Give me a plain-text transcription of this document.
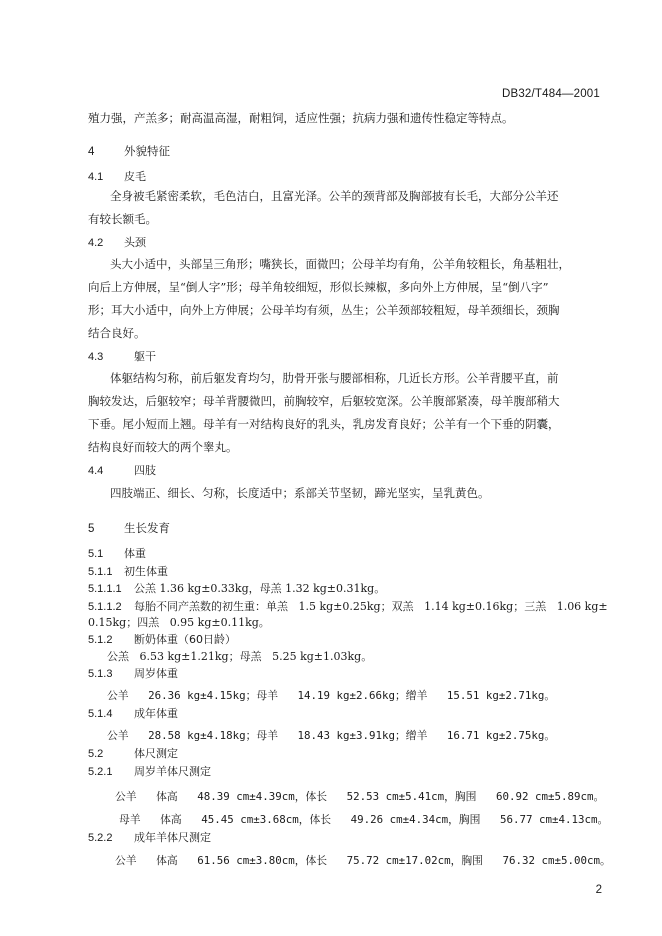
DB32/T484—2001
殖力强，产羔多；耐高温高湿，耐粗饲，适应性强；抗病力强和遗传性稳定等特点。
4	外貌特征
4.1 皮毛
全身被毛紧密柔软，毛色洁白，且富光泽。公羊的颈背部及胸部披有长毛，大部分公羊还
有较长额毛。
4.2 头颈
头大小适中，头部呈三角形；嘴狭长，面微凹；公母羊均有角，公羊角较粗长，角基粗壮，
向后上方伸展，呈“倒人字”形；母羊角较细短，形似长辣椒，多向外上方伸展，呈“倒八字”
形；耳大小适中，向外上方伸展；公母羊均有须，丛生；公羊颈部较粗短，母羊颈细长，颈胸
结合良好。
4.3	躯干
体躯结构匀称，前后躯发育均匀，肋骨开张与腰部相称，几近长方形。公羊背腰平直，前
胸较发达，后躯较窄；母羊背腰微凹，前胸较窄，后躯较宽深。公羊腹部紧凑，母羊腹部稍大
下垂。尾小短而上翘。母羊有一对结构良好的乳头，乳房发育良好；公羊有一个下垂的阴囊，
结构良好而较大的两个睾丸。
4.4	四肢
四肢端正、细长、匀称，长度适中；系部关节坚韧，蹄光坚实，呈乳黄色。
5	生长发育
5.1 体重
5.1.1 初生体重
5.1.1.1 公羔 1.36 kg±0.33kg，母羔 1.32 kg±0.31kg。
5.1.1.2 每胎不同产羔数的初生重：单羔   1.5 kg±0.25kg；双羔   1.14 kg±0.16kg；三羔   1.06 kg±
0.15kg；四羔   0.95 kg±0.11kg。
5.1.2 断奶体重（60日龄）
公羔   6.53 kg±1.21kg；母羔   5.25 kg±1.03kg。
5.1.3 周岁体重
公羊   26.36 kg±4.15kg；母羊   14.19 kg±2.66kg；缯羊   15.51 kg±2.71kg。
5.1.4 成年体重
公羊   28.58 kg±4.18kg；母羊   18.43 kg±3.91kg；缯羊   16.71 kg±2.75kg。
5.2	体尺测定
5.2.1 周岁羊体尺测定
公羊   体高   48.39 cm±4.39cm，体长   52.53 cm±5.41cm，胸围   60.92 cm±5.89cm。
母羊   体高   45.45 cm±3.68cm，体长   49.26 cm±4.34cm，胸围   56.77 cm±4.13cm。
5.2.2 成年羊体尺测定
公羊   体高   61.56 cm±3.80cm，体长   75.72 cm±17.02cm，胸围   76.32 cm±5.00cm。
2
